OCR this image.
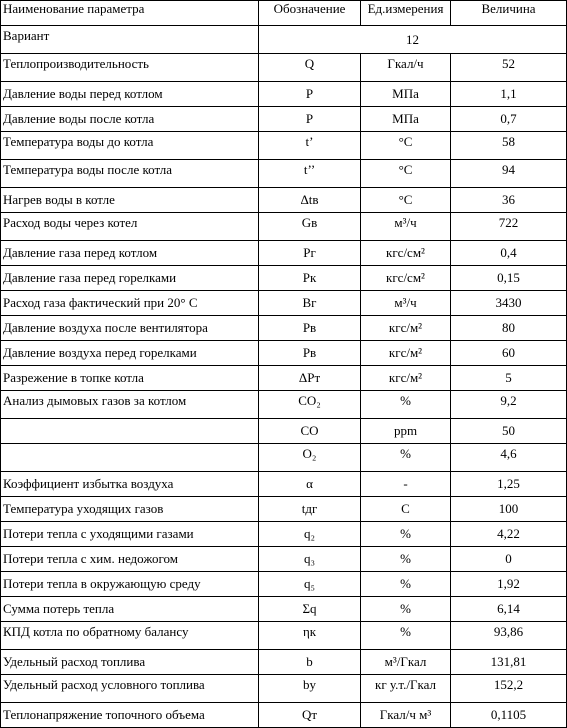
Наименование параметра	Обозначение	Ед.измерения	Величина
Вариант	12		
Теплопроизводительность	Q	Гкал/ч	52
Давление воды перед котлом	P	МПа	1,1
Давление воды после котла	P	МПа	0,7
Температура воды до котла	t’	°C	58
Температура воды после котла	t’’	°C	94
Нагрев воды в котле	Δtв	°C	36
Расход воды через котел	Gв	м³/ч	722
Давление газа перед котлом	Pг	кгс/см²	0,4
Давление газа перед горелками	Pк	кгс/см²	0,15
Расход газа фактический при 20° С	Bг	м³/ч	3430
Давление воздуха после вентилятора	Pв	кгс/м²	80
Давление воздуха перед горелками	Pв	кгс/м²	60
Разрежение в топке котла	ΔPт	кгс/м²	5
Анализ дымовых газов за котлом	CO₂	%	9,2
	CO	ppm	50
	O₂	%	4,6
Коэффициент избытка воздуха	α	-	1,25
Температура уходящих газов	tдг	С	100
Потери тепла с уходящими газами	q₂	%	4,22
Потери тепла с хим. недожогом	q₃	%	0
Потери тепла в окружающую среду	q₅	%	1,92
Сумма потерь тепла	Σq	%	6,14
КПД котла по обратному балансу	ηк	%	93,86
Удельный расход топлива	b	м³/Гкал	131,81
Удельный расход условного топлива	bу	кг у.т./Гкал	152,2
Теплонапряжение топочного объема	Qт	Гкал/ч м³	0,1105
